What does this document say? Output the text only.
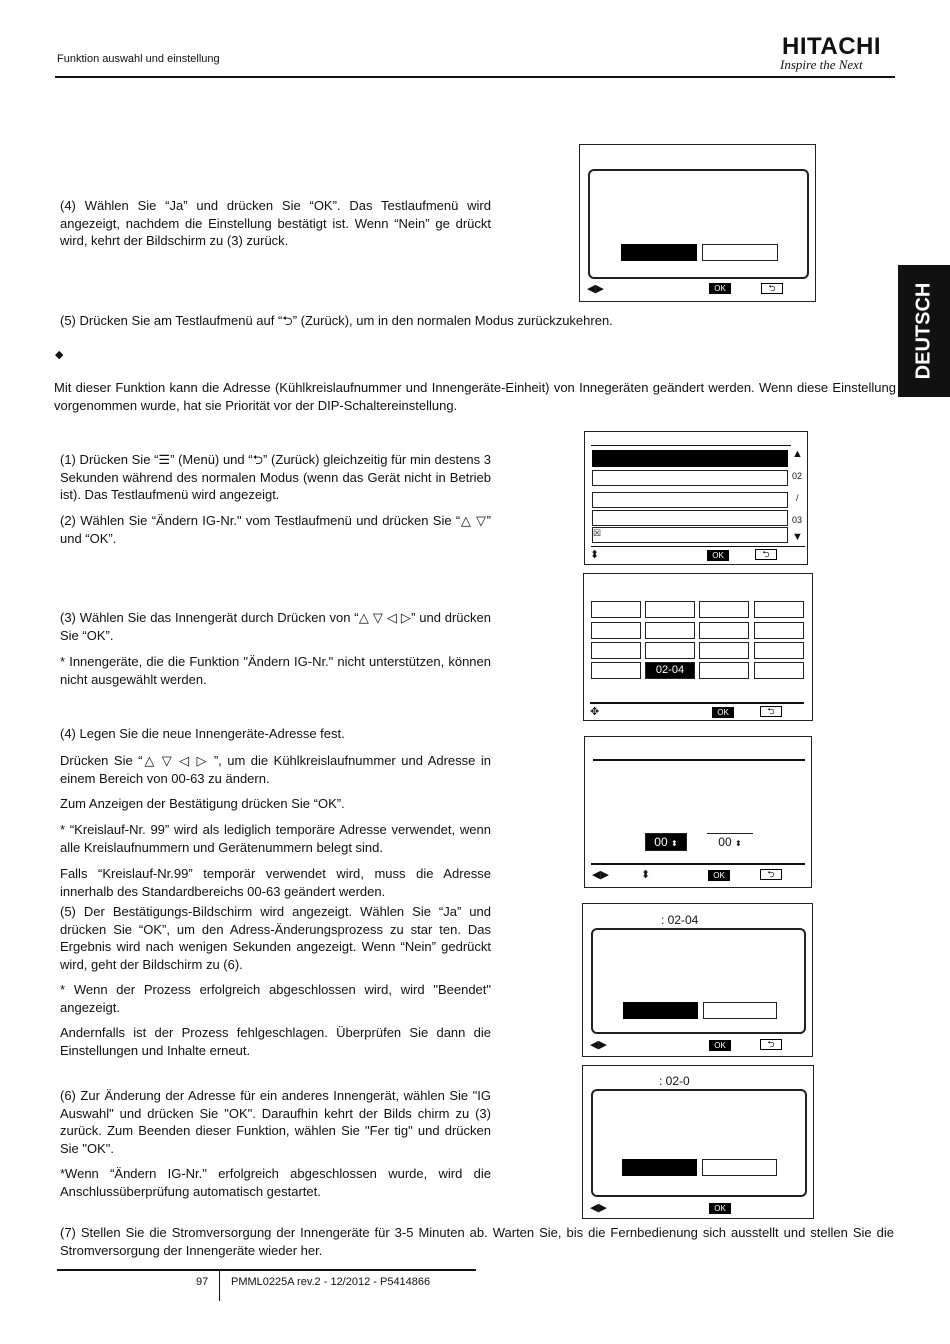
Funktion auswahl und einstellung	HITACHI
Inspire the Next
DEUTSCH
◀▶	OK	⮌
(4) Wählen Sie “Ja” und drücken Sie “OK”. Das Testlaufmenü wird angezeigt, nachdem die Einstellung bestätigt ist. Wenn “Nein” ge drückt wird, kehrt der Bildschirm zu (3) zurück.
(5) Drücken Sie am Testlaufmenü auf “⮌” (Zurück), um in den normalen Modus zurückzukehren.
◆
Mit dieser Funktion kann die Adresse (Kühlkreislaufnummer und Innengeräte-Einheit) von Innegeräten geändert werden. Wenn diese Einstellung vorgenommen wurde, hat sie Priorität vor der DIP-Schaltereinstellung.
☒
▲
02
/
03
▼
⬍	OK	⮌
(1) Drücken Sie “☰” (Menü) und “⮌” (Zurück) gleichzeitig für min destens 3 Sekunden während des normalen Modus (wenn das Gerät nicht in Betrieb ist). Das Testlaufmenü wird angezeigt.
(2) Wählen Sie “Ändern IG-Nr." vom Testlaufmenü und drücken Sie “△ ▽” und “OK”.
02-04
✥	OK	⮌
(3) Wählen Sie das Innengerät durch Drücken von “△ ▽ ◁ ▷” und drücken Sie “OK”.
* Innengeräte, die die Funktion "Ändern IG-Nr." nicht unterstützen, können nicht ausgewählt werden.
00 ⬍	00 ⬍
◀▶	⬍	OK	⮌
(4) Legen Sie die neue Innengeräte-Adresse fest.
Drücken Sie “△ ▽ ◁ ▷ ”, um die Kühlkreislaufnummer und Adresse in einem Bereich von 00-63 zu ändern.
Zum Anzeigen der Bestätigung drücken Sie “OK”.
* “Kreislauf-Nr. 99” wird als lediglich temporäre Adresse verwendet, wenn alle Kreislaufnummern und Gerätenummern belegt sind.
Falls “Kreislauf-Nr.99” temporär verwendet wird, muss die Adresse innerhalb des Standardbereichs 00-63 geändert werden.
: 02-04
◀▶	OK	⮌
(5) Der Bestätigungs-Bildschirm wird angezeigt. Wählen Sie “Ja” und drücken Sie “OK”, um den Adress-Änderungsprozess zu star ten. Das Ergebnis wird nach wenigen Sekunden angezeigt. Wenn “Nein” gedrückt wird, geht der Bildschirm zu (6).
* Wenn der Prozess erfolgreich abgeschlossen wird, wird "Beendet" angezeigt.
Andernfalls ist der Prozess fehlgeschlagen. Überprüfen Sie dann die Einstellungen und Inhalte erneut.
: 02-0
◀▶	OK
(6) Zur Änderung der Adresse für ein anderes Innengerät, wählen Sie "IG Auswahl" und drücken Sie "OK". Daraufhin kehrt der Bilds chirm zu (3) zurück. Zum Beenden dieser Funktion, wählen Sie "Fer tig" und drücken Sie "OK".
*Wenn “Ändern IG-Nr." erfolgreich abgeschlossen wurde, wird die Anschlussüberprüfung automatisch gestartet.
(7) Stellen Sie die Stromversorgung der Innengeräte für 3-5 Minuten ab. Warten Sie, bis die Fernbedienung sich ausstellt und stellen Sie die Stromversorgung der Innengeräte wieder her.
97 PMML0225A rev.2 - 12/2012 - P5414866
